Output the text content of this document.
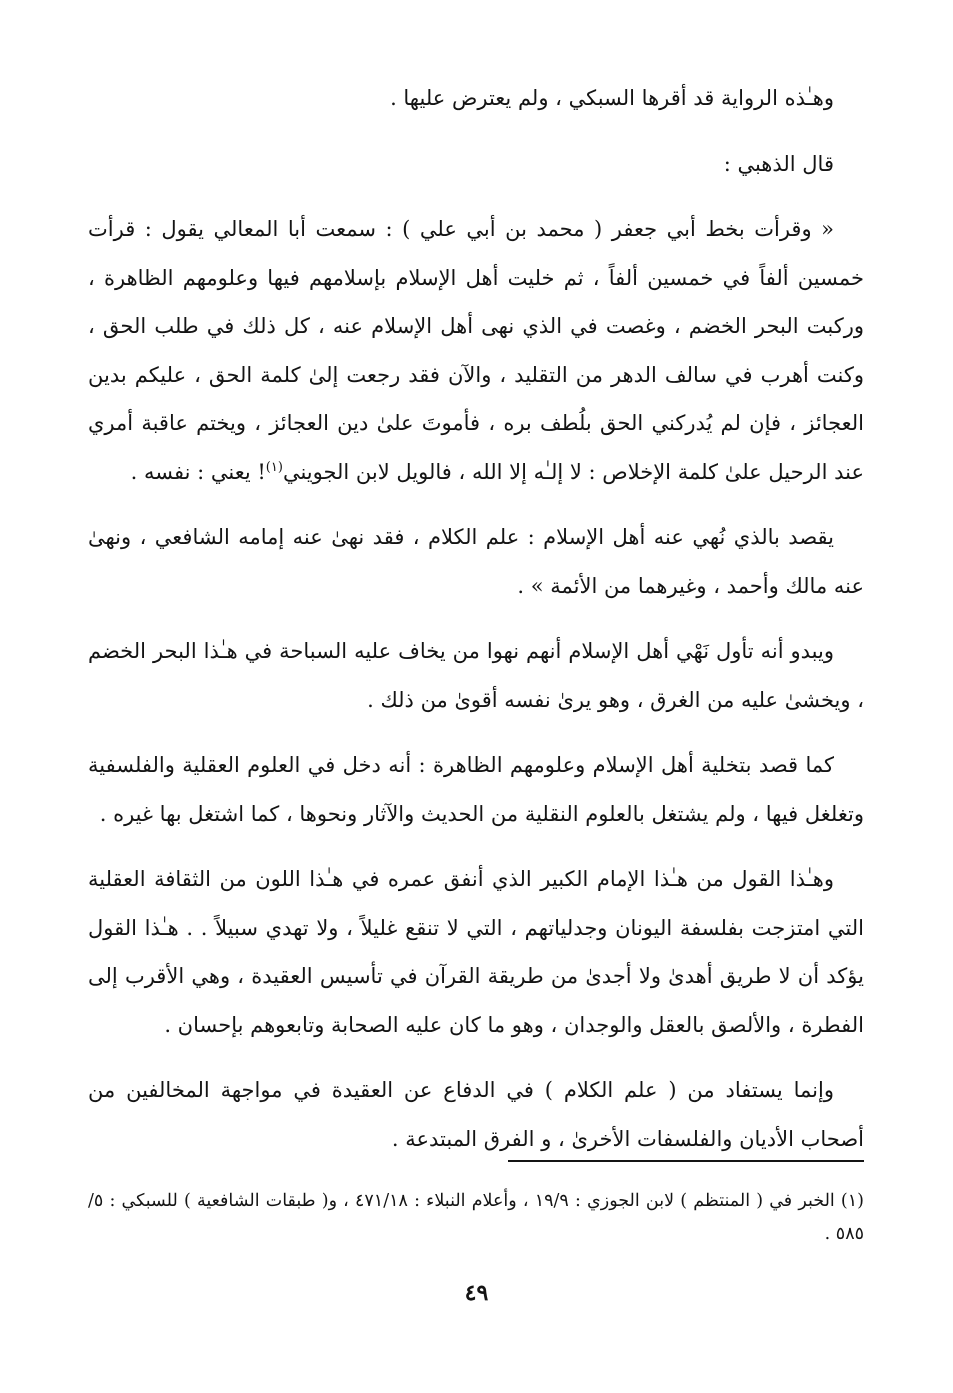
وهـٰذه الرواية قد أقرها السبكي ، ولم يعترض عليها .

قال الذهبي :

« وقرأت بخط أبي جعفر ( محمد بن أبي علي ) : سمعت أبا المعالي يقول : قرأت خمسين ألفاً في خمسين ألفاً ، ثم خليت أهل الإسلام بإسلامهم فيها وعلومهم الظاهرة ، وركبت البحر الخضم ، وغصت في الذي نهى أهل الإسلام عنه ، كل ذلك في طلب الحق ، وكنت أهرب في سالف الدهر من التقليد ، والآن فقد رجعت إلىٰ كلمة الحق ، عليكم بدين العجائز ، فإن لم يُدركني الحق بلُطف بره ، فأموتَ علىٰ دين العجائز ، ويختم عاقبة أمري عند الرحيل علىٰ كلمة الإخلاص : لا إلـٰه إلا الله ، فالويل لابن الجويني$^{(١)}$! يعني : نفسه .

يقصد بالذي نُهي عنه أهل الإسلام : علم الكلام ، فقد نهىٰ عنه إمامه الشافعي ، ونهىٰ عنه مالك وأحمد ، وغيرهما من الأئمة » .

ويبدو أنه تأول نَهْي أهل الإسلام أنهم نهوا من يخاف عليه السباحة في هـٰذا البحر الخضم ، ويخشىٰ عليه من الغرق ، وهو يرىٰ نفسه أقوىٰ من ذلك .

كما قصد بتخلية أهل الإسلام وعلومهم الظاهرة : أنه دخل في العلوم العقلية والفلسفية وتغلغل فيها ، ولم يشتغل بالعلوم النقلية من الحديث والآثار ونحوها ، كما اشتغل بها غيره .

وهـٰذا القول من هـٰذا الإمام الكبير الذي أنفق عمره في هـٰذا اللون من الثقافة العقلية التي امتزجت بفلسفة اليونان وجدلياتهم ، التي لا تنقع غليلاً ، ولا تهدي سبيلاً . . هـٰذا القول يؤكد أن لا طريق أهدىٰ ولا أجدىٰ من طريقة القرآن في تأسيس العقيدة ، وهي الأقرب إلى الفطرة ، والألصق بالعقل والوجدان ، وهو ما كان عليه الصحابة وتابعوهم بإحسان .

وإنما يستفاد من ( علم الكلام ) في الدفاع عن العقيدة في مواجهة المخالفين من أصحاب الأديان والفلسفات الأخرىٰ ، و الفرق المبتدعة .

(١) الخبر في ( المنتظم ) لابن الجوزي : ١٩/٩ ، وأعلام النبلاء : ٤٧١/١٨ ، و( طبقات الشافعية ) للسبكي : ٥/ ٥٨٥ .
٤٩
